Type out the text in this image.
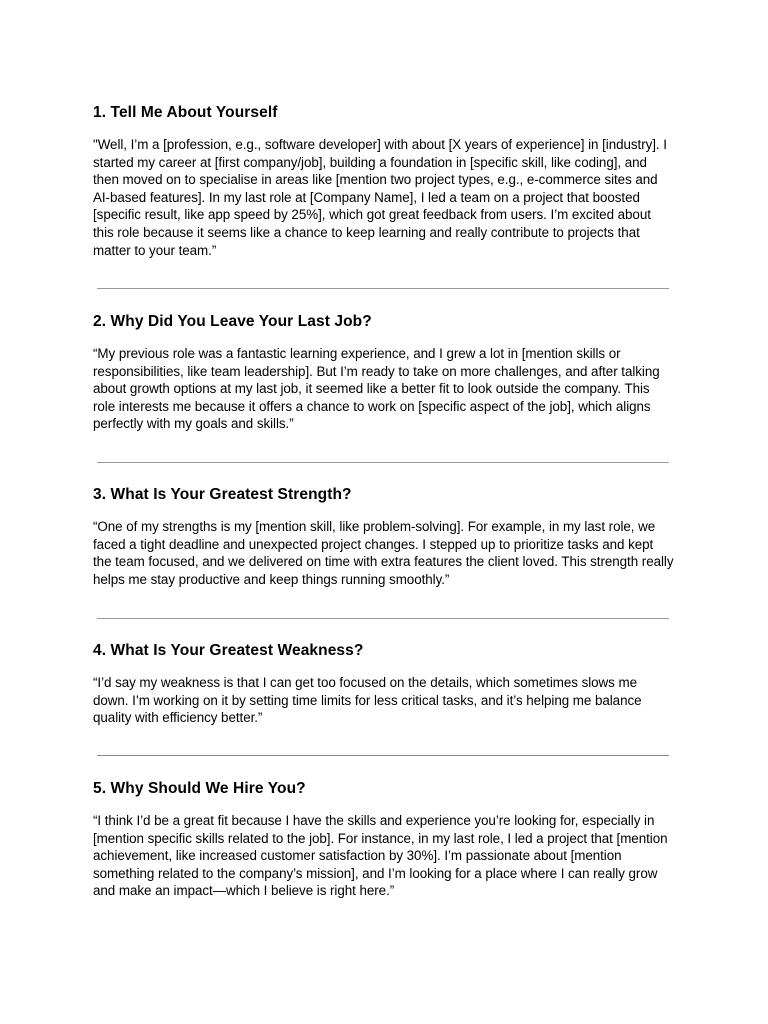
1. Tell Me About Yourself

"Well, I’m a [profession, e.g., software developer] with about [X years of experience] in [industry]. I started my career at [first company/job], building a foundation in [specific skill, like coding], and then moved on to specialise in areas like [mention two project types, e.g., e-commerce sites and AI-based features]. In my last role at [Company Name], I led a team on a project that boosted [specific result, like app speed by 25%], which got great feedback from users. I’m excited about this role because it seems like a chance to keep learning and really contribute to projects that matter to your team.”

2. Why Did You Leave Your Last Job?

“My previous role was a fantastic learning experience, and I grew a lot in [mention skills or responsibilities, like team leadership]. But I’m ready to take on more challenges, and after talking about growth options at my last job, it seemed like a better fit to look outside the company. This role interests me because it offers a chance to work on [specific aspect of the job], which aligns perfectly with my goals and skills.”

3. What Is Your Greatest Strength?

“One of my strengths is my [mention skill, like problem-solving]. For example, in my last role, we faced a tight deadline and unexpected project changes. I stepped up to prioritize tasks and kept the team focused, and we delivered on time with extra features the client loved. This strength really helps me stay productive and keep things running smoothly.”

4. What Is Your Greatest Weakness?

“I’d say my weakness is that I can get too focused on the details, which sometimes slows me down. I’m working on it by setting time limits for less critical tasks, and it’s helping me balance quality with efficiency better.”

5. Why Should We Hire You?

“I think I’d be a great fit because I have the skills and experience you’re looking for, especially in [mention specific skills related to the job]. For instance, in my last role, I led a project that [mention achievement, like increased customer satisfaction by 30%]. I’m passionate about [mention something related to the company’s mission], and I’m looking for a place where I can really grow and make an impact—which I believe is right here.”
